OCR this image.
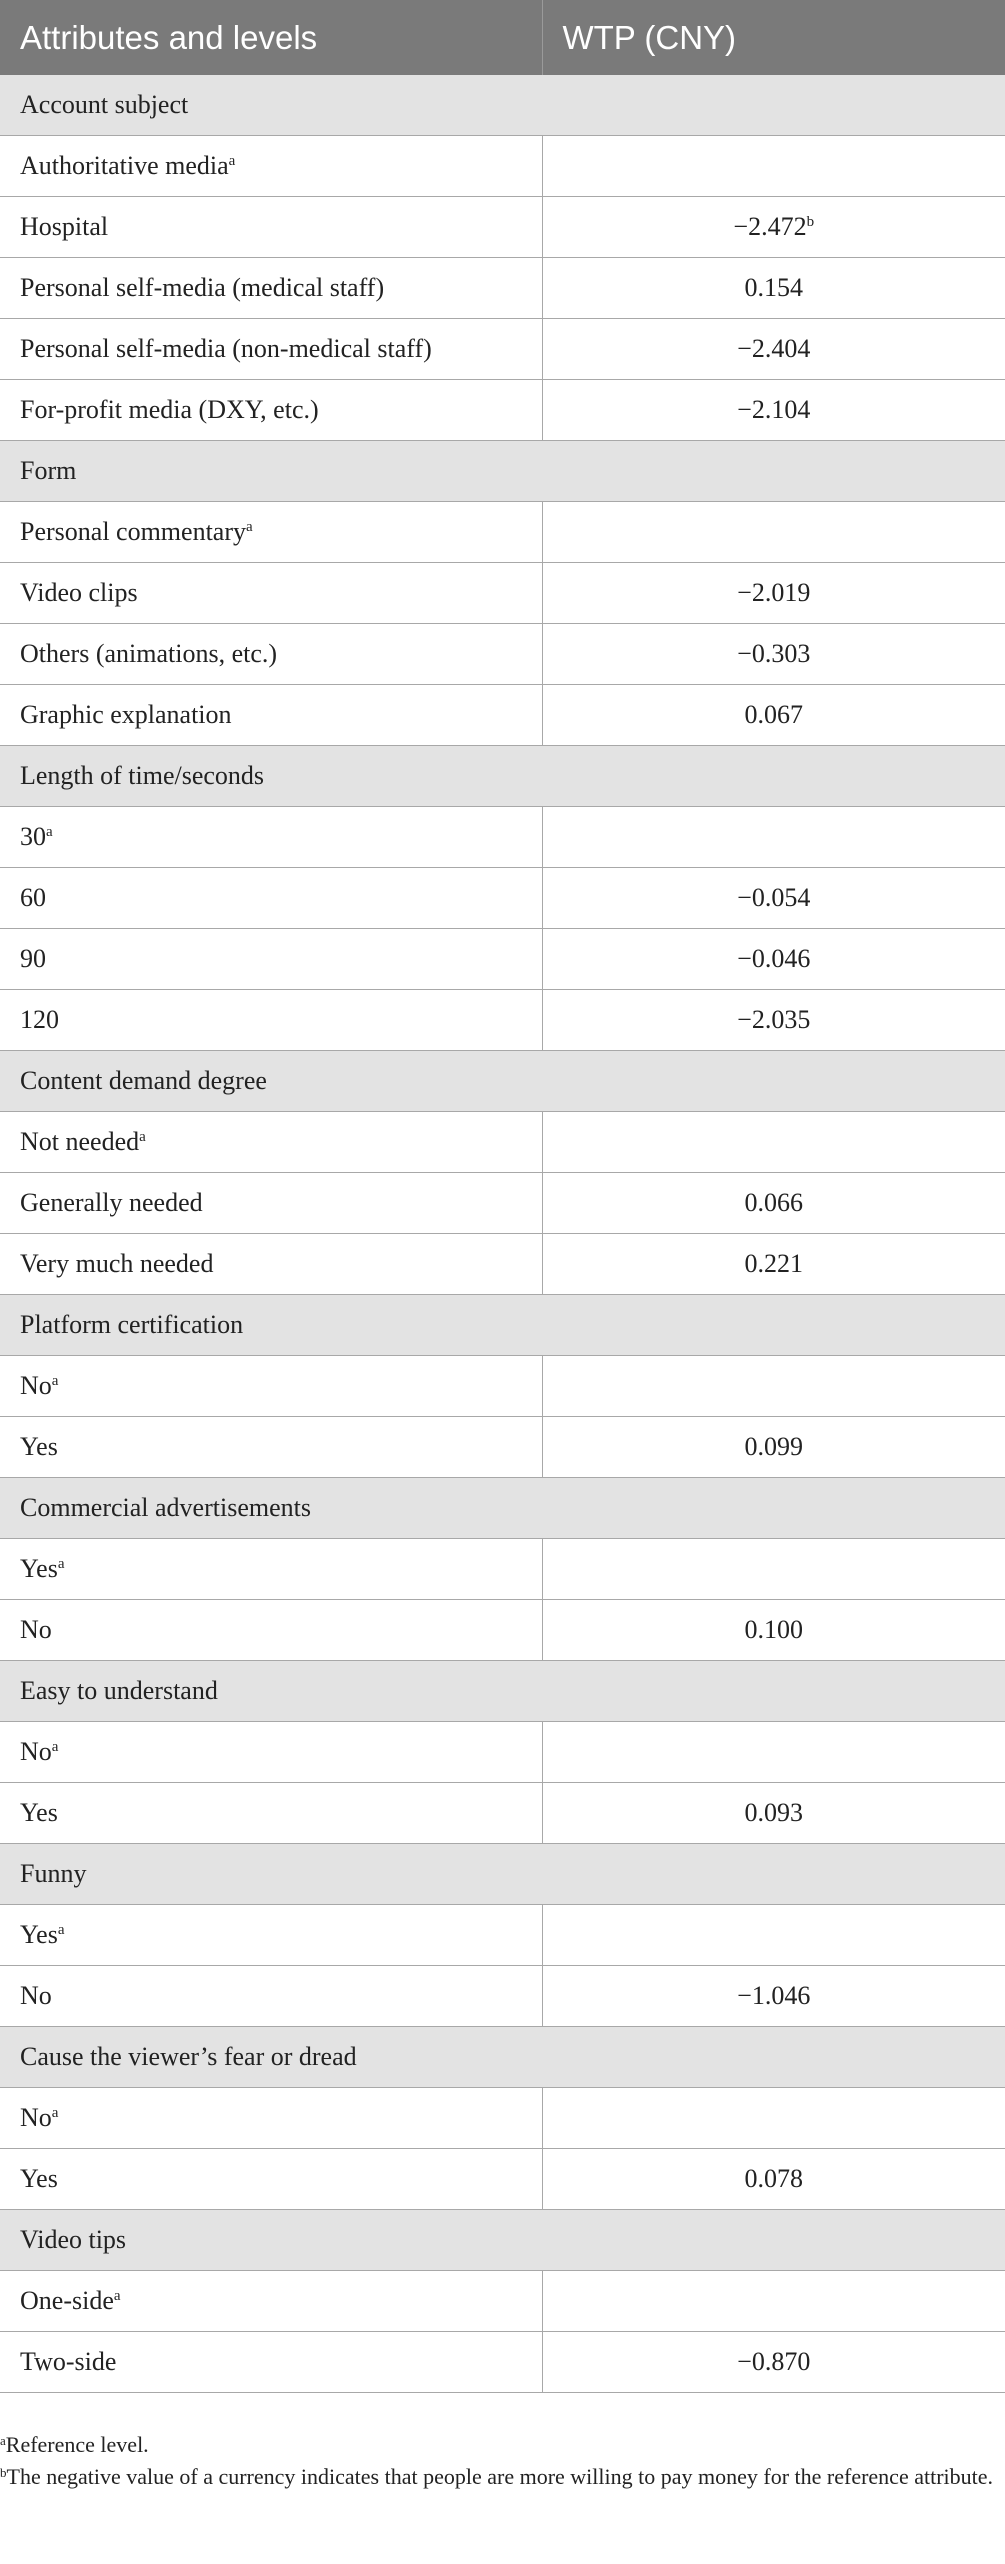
Attributes and levels	WTP (CNY)
Account subject	
Authoritative media$^a$	
Hospital	−2.472$^b$
Personal self-media (medical staff)	0.154
Personal self-media (non-medical staff)	−2.404
For-profit media (DXY, etc.)	−2.104
Form	
Personal commentary$^a$	
Video clips	−2.019
Others (animations, etc.)	−0.303
Graphic explanation	0.067
Length of time/seconds	
30$^a$	
60	−0.054
90	−0.046
120	−2.035
Content demand degree	
Not needed$^a$	
Generally needed	0.066
Very much needed	0.221
Platform certification	
No$^a$	
Yes	0.099
Commercial advertisements	
Yes$^a$	
No	0.100
Easy to understand	
No$^a$	
Yes	0.093
Funny	
Yes$^a$	
No	−1.046
Cause the viewer’s fear or dread	
No$^a$	
Yes	0.078
Video tips	
One-side$^a$	
Two-side	−0.870
$^a$Reference level.
$^b$The negative value of a currency indicates that people are more willing to pay money for the reference attribute.
